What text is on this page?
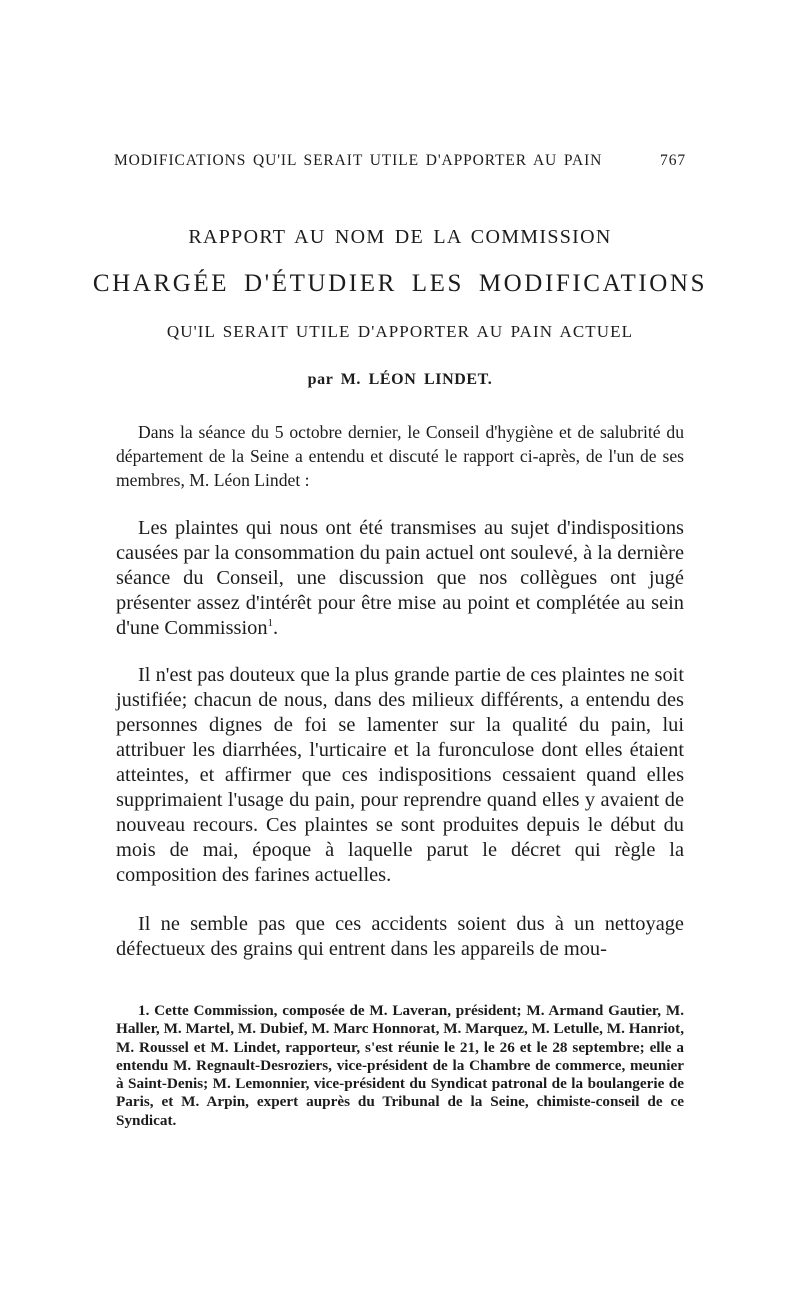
MODIFICATIONS QU'IL SERAIT UTILE D'APPORTER AU PAIN	767
RAPPORT AU NOM DE LA COMMISSION
CHARGÉE D'ÉTUDIER LES MODIFICATIONS
QU'IL SERAIT UTILE D'APPORTER AU PAIN ACTUEL
par M. LÉON LINDET.

Dans la séance du 5 octobre dernier, le Conseil d'hygiène et de salubrité du département de la Seine a entendu et discuté le rapport ci-après, de l'un de ses membres, M. Léon Lindet :

Les plaintes qui nous ont été transmises au sujet d'indispositions causées par la consommation du pain actuel ont soulevé, à la dernière séance du Conseil, une discussion que nos collègues ont jugé présenter assez d'intérêt pour être mise au point et complétée au sein d'une Commission$^1$.

Il n'est pas douteux que la plus grande partie de ces plaintes ne soit justifiée; chacun de nous, dans des milieux différents, a entendu des personnes dignes de foi se lamenter sur la qualité du pain, lui attribuer les diarrhées, l'urticaire et la furonculose dont elles étaient atteintes, et affirmer que ces indispositions cessaient quand elles supprimaient l'usage du pain, pour reprendre quand elles y avaient de nouveau recours. Ces plaintes se sont produites depuis le début du mois de mai, époque à laquelle parut le décret qui règle la composition des farines actuelles.

Il ne semble pas que ces accidents soient dus à un nettoyage défectueux des grains qui entrent dans les appareils de mou-

1. Cette Commission, composée de M. Laveran, président; M. Armand Gautier, M. Haller, M. Martel, M. Dubief, M. Marc Honnorat, M. Marquez, M. Letulle, M. Hanriot, M. Roussel et M. Lindet, rapporteur, s'est réunie le 21, le 26 et le 28 septembre; elle a entendu M. Regnault-Desroziers, vice-président de la Chambre de commerce, meunier à Saint-Denis; M. Lemonnier, vice-président du Syndicat patronal de la boulangerie de Paris, et M. Arpin, expert auprès du Tribunal de la Seine, chimiste-conseil de ce Syndicat.
